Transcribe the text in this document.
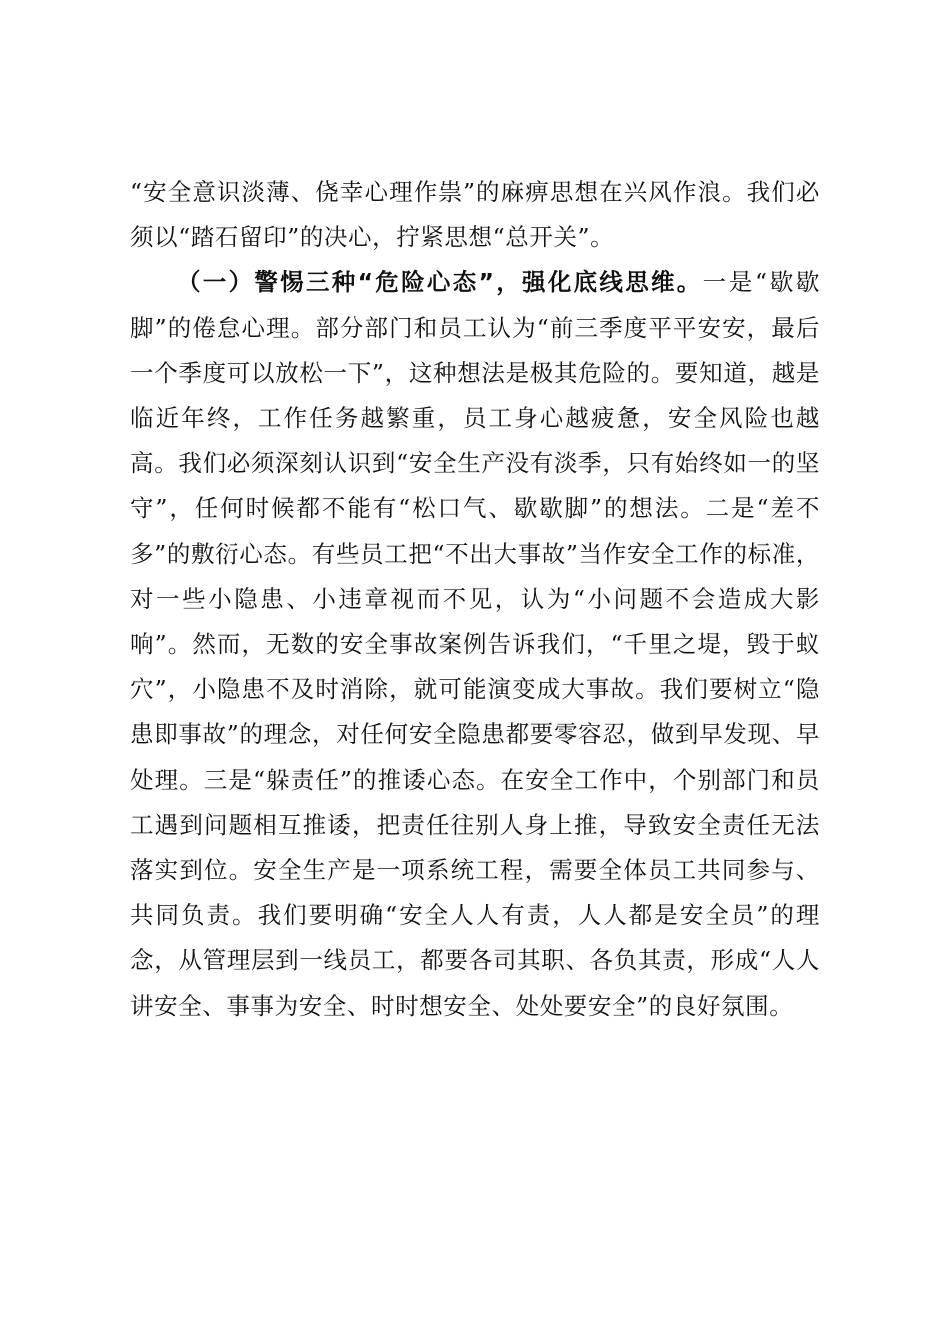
“安全意识淡薄、侥幸心理作祟”的麻痹思想在兴风作浪。我们必须以“踏石留印”的决心，拧紧思想“总开关”。

（一）警惕三种“危险心态”，强化底线思维。一是“歇歇脚”的倦怠心理。部分部门和员工认为“前三季度平平安安，最后一个季度可以放松一下”，这种想法是极其危险的。要知道，越是临近年终，工作任务越繁重，员工身心越疲惫，安全风险也越高。我们必须深刻认识到“安全生产没有淡季，只有始终如一的坚守”，任何时候都不能有“松口气、歇歇脚”的想法。二是“差不多”的敷衍心态。有些员工把“不出大事故”当作安全工作的标准，对一些小隐患、小违章视而不见，认为“小问题不会造成大影响”。然而，无数的安全事故案例告诉我们，“千里之堤，毁于蚁穴”，小隐患不及时消除，就可能演变成大事故。我们要树立“隐患即事故”的理念，对任何安全隐患都要零容忍，做到早发现、早处理。三是“躲责任”的推诿心态。在安全工作中，个别部门和员工遇到问题相互推诿，把责任往别人身上推，导致安全责任无法落实到位。安全生产是一项系统工程，需要全体员工共同参与、共同负责。我们要明确“安全人人有责，人人都是安全员”的理念，从管理层到一线员工，都要各司其职、各负其责，形成“人人讲安全、事事为安全、时时想安全、处处要安全”的良好氛围。
